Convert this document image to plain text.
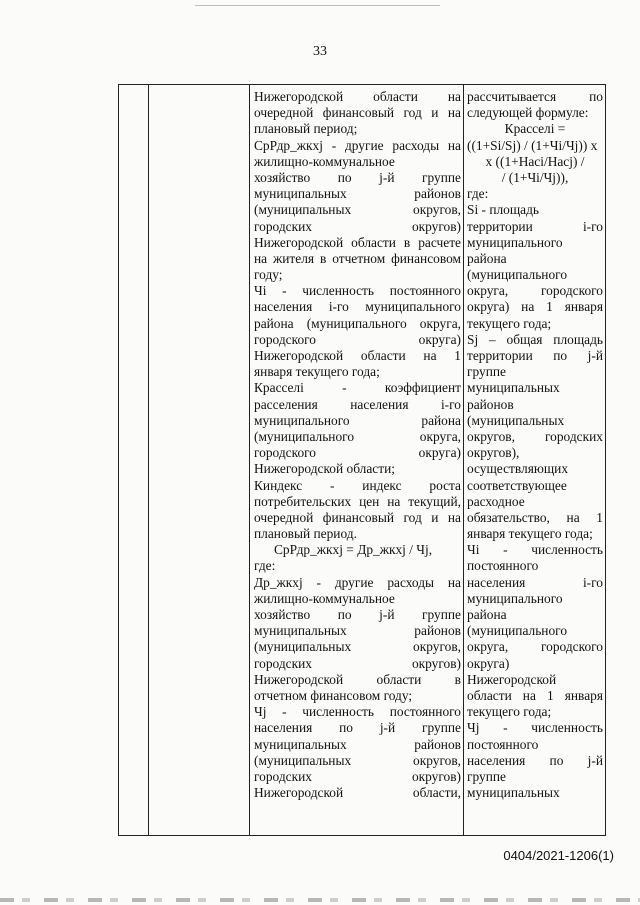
33
Нижегородской области на
очередной финансовый год и на
плановый период;
СрРдр_жкхj - другие расходы на
жилищно-коммунальное
хозяйство по j-й группе
муниципальных районов
(муниципальных округов,
городских округов)
Нижегородской области в расчете
на жителя в отчетном финансовом
году;
Чi - численность постоянного
населения i-го муниципального
района (муниципального округа,
городского округа)
Нижегородской области на 1
января текущего года;
Кpacceлi - коэффициент
расселения населения i-го
муниципального района
(муниципального округа,
городского округа)
Нижегородской области;
Киндекс - индекс роста
потребительских цен на текущий,
очередной финансовый год и на
плановый период.
СрРдр_жкхj = Др_жкхj / Чj,
где:
Др_жкхj - другие расходы на
жилищно-коммунальное
хозяйство по j-й группе
муниципальных районов
(муниципальных округов,
городских округов)
Нижегородской области в
отчетном финансовом году;
Чj - численность постоянного
населения по j-й группе
муниципальных районов
(муниципальных округов,
городских округов)
Нижегородской области,
рассчитывается по
следующей формуле:
Кpacceлi =
((1+Si/Sj) / (1+Чi/Чj)) x
x ((1+Hacі/Hacj) /
/ (1+Чi/Чj)),
где:
Si - площадь
территории i-го
муниципального
района
(муниципального
округа, городского
округа) на 1 января
текущего года;
Sj – общая площадь
территории по j-й
группе
муниципальных
районов
(муниципальных
округов, городских
округов),
осуществляющих
соответствующее
расходное
обязательство, на 1
января текущего года;
Чi - численность
постоянного
населения i-го
муниципального
района
(муниципального
округа, городского
округа)
Нижегородской
области на 1 января
текущего года;
Чj - численность
постоянного
населения по j-й
группе
муниципальных
0404/2021-1206(1)
